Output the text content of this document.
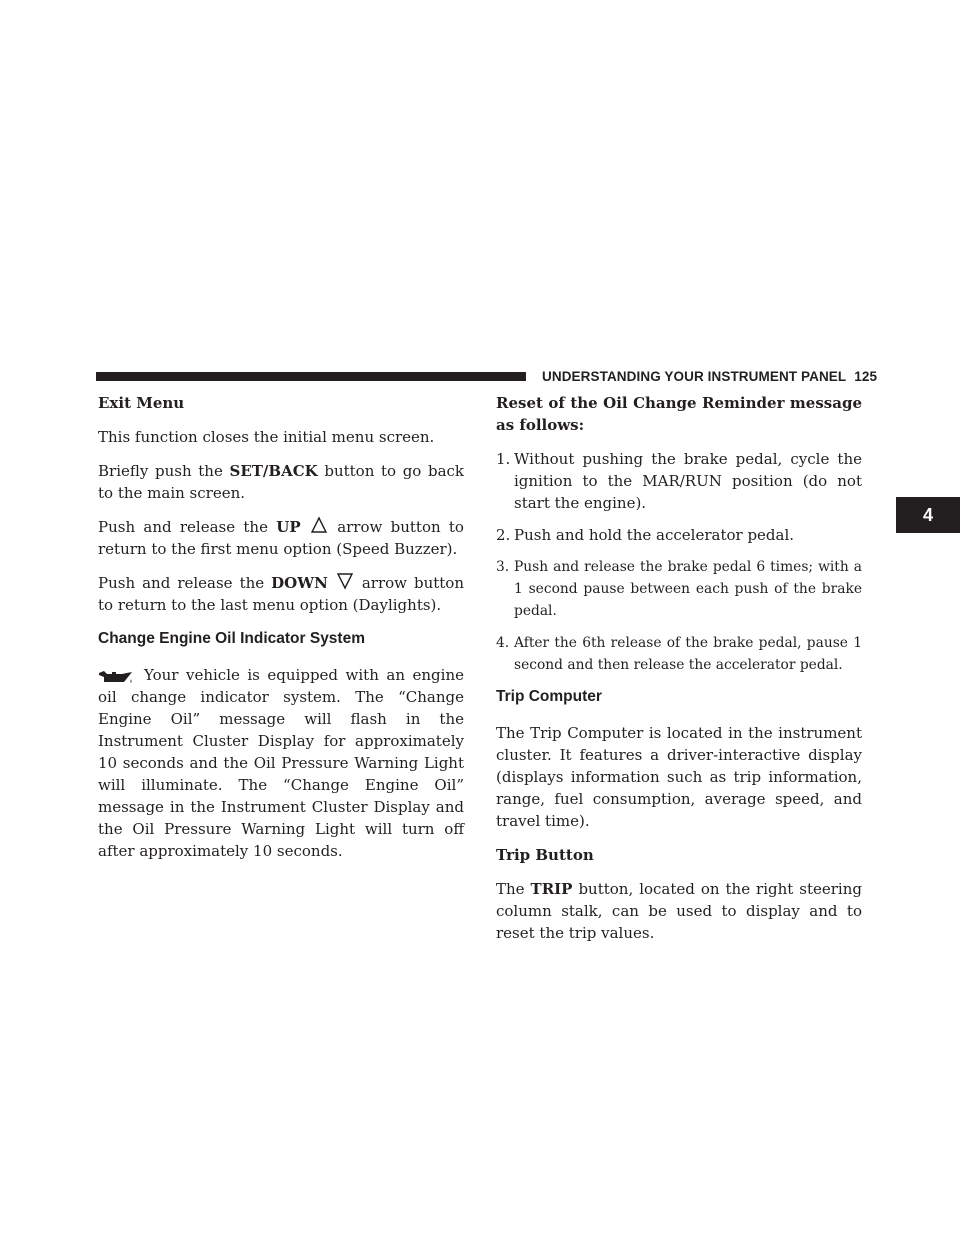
UNDERSTANDING YOUR INSTRUMENT PANEL 125
4

Exit Menu

This function closes the initial menu screen.

Briefly push the SET/BACK button to go back to the main screen.

Push and release the UP arrow button to return to the first menu option (Speed Buzzer).

Push and release the DOWN arrow button to return to the last menu option (Daylights).

Change Engine Oil Indicator System

Your vehicle is equipped with an engine oil change indicator system. The “Change Engine Oil” message will flash in the Instrument Cluster Display for approximately 10 seconds and the Oil Pressure Warning Light will illuminate. The “Change Engine Oil” message in the Instrument Cluster Display and the Oil Pressure Warning Light will turn off after approximately 10 seconds.

Reset of the Oil Change Reminder message as follows:

1. Without pushing the brake pedal, cycle the ignition to the MAR/RUN position (do not start the engine).
2. Push and hold the accelerator pedal.
3. Push and release the brake pedal 6 times; with a 1 second pause between each push of the brake pedal.
4. After the 6th release of the brake pedal, pause 1 second and then release the accelerator pedal.
Trip Computer

The Trip Computer is located in the instrument cluster. It features a driver-interactive display (displays information such as trip information, range, fuel consumption, average speed, and travel time).

Trip Button

The TRIP button, located on the right steering column stalk, can be used to display and to reset the trip values.
